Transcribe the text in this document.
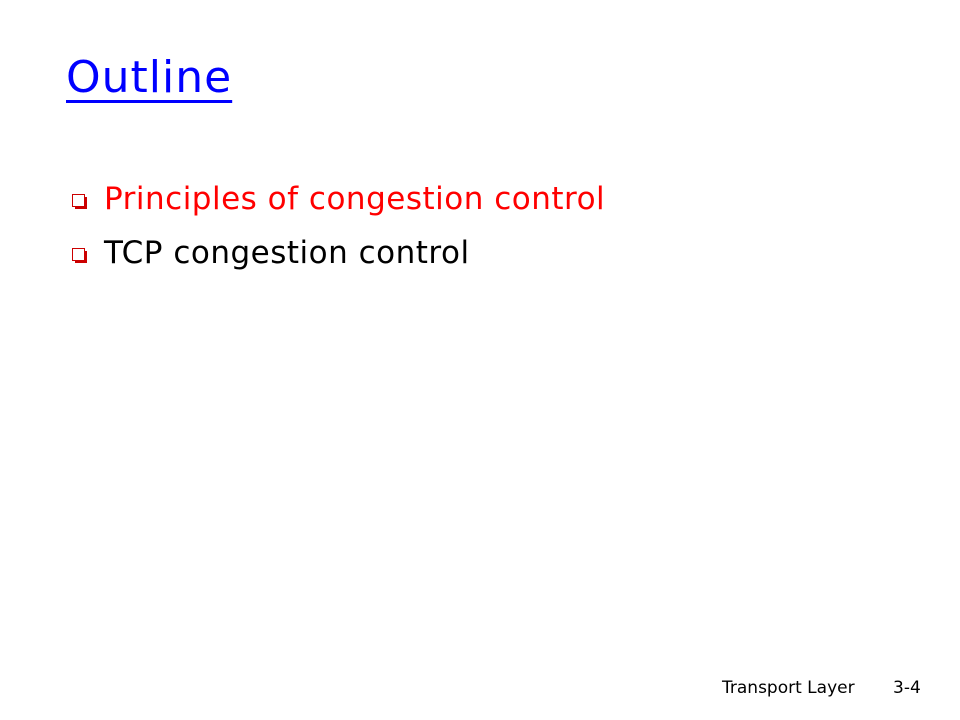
Outline
Principles of congestion control
TCP congestion control
Transport Layer 3-4
